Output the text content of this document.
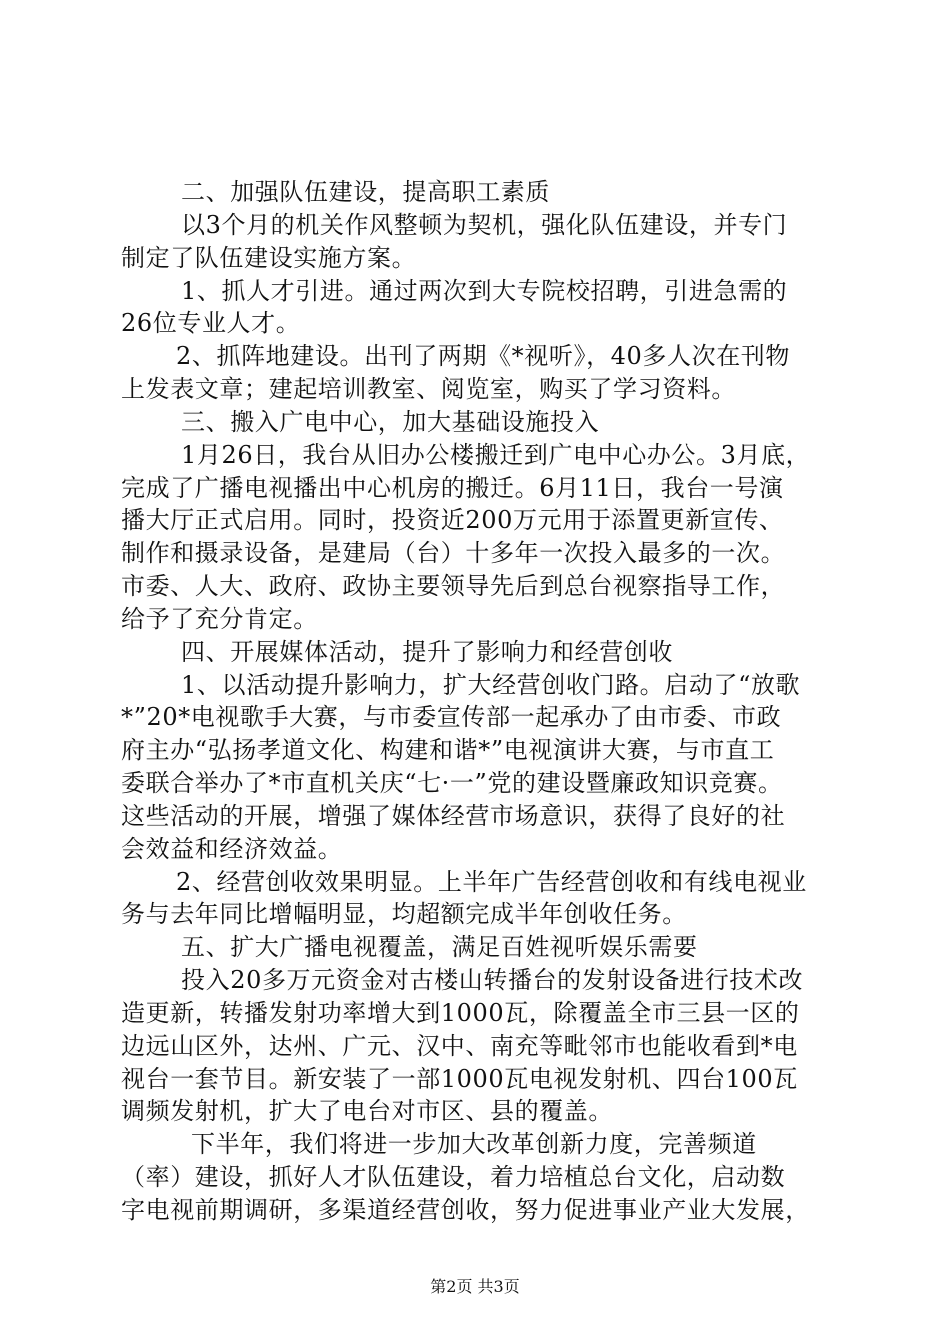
二、加强队伍建设，提高职工素质
以3个月的机关作风整顿为契机，强化队伍建设，并专门
制定了队伍建设实施方案。
1、抓人才引进。通过两次到大专院校招聘，引进急需的
26位专业人才。
2、抓阵地建设。出刊了两期《*视听》，40多人次在刊物
上发表文章；建起培训教室、阅览室，购买了学习资料。
三、搬入广电中心，加大基础设施投入
1月26日，我台从旧办公楼搬迁到广电中心办公。3月底，
完成了广播电视播出中心机房的搬迁。6月11日，我台一号演
播大厅正式启用。同时，投资近200万元用于添置更新宣传、
制作和摄录设备，是建局（台）十多年一次投入最多的一次。
市委、人大、政府、政协主要领导先后到总台视察指导工作，
给予了充分肯定。
四、开展媒体活动，提升了影响力和经营创收
1、以活动提升影响力，扩大经营创收门路。启动了“放歌
*”20*电视歌手大赛，与市委宣传部一起承办了由市委、市政
府主办“弘扬孝道文化、构建和谐*”电视演讲大赛，与市直工
委联合举办了*市直机关庆“七·一”党的建设暨廉政知识竞赛。
这些活动的开展，增强了媒体经营市场意识，获得了良好的社
会效益和经济效益。
2、经营创收效果明显。上半年广告经营创收和有线电视业
务与去年同比增幅明显，均超额完成半年创收任务。
五、扩大广播电视覆盖，满足百姓视听娱乐需要
投入20多万元资金对古楼山转播台的发射设备进行技术改
造更新，转播发射功率增大到1000瓦，除覆盖全市三县一区的
边远山区外，达州、广元、汉中、南充等毗邻市也能收看到*电
视台一套节目。新安装了一部1000瓦电视发射机、四台100瓦
调频发射机，扩大了电台对市区、县的覆盖。
下半年，我们将进一步加大改革创新力度，完善频道
（率）建设，抓好人才队伍建设，着力培植总台文化，启动数
字电视前期调研，多渠道经营创收，努力促进事业产业大发展，
第2页 共3页
